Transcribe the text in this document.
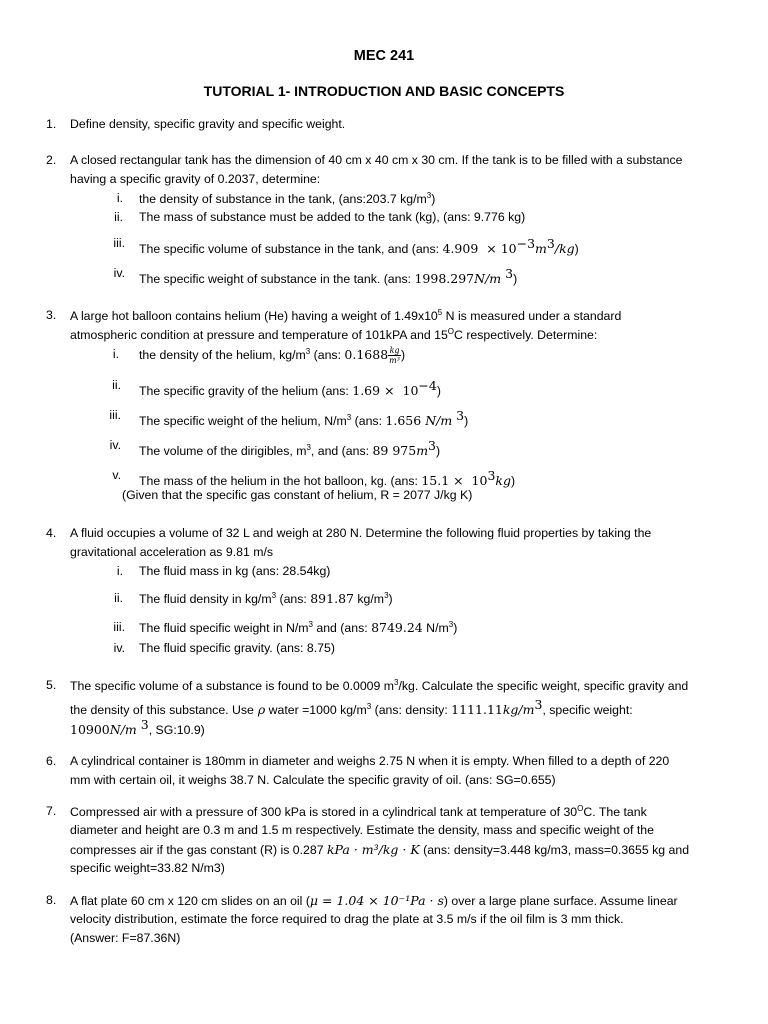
MEC 241
TUTORIAL 1- INTRODUCTION AND BASIC CONCEPTS
1. Define density, specific gravity and specific weight.
2. A closed rectangular tank has the dimension of 40 cm x 40 cm x 30 cm. If the tank is to be filled with a substance
having a specific gravity of 0.2037, determine:
i. the density of substance in the tank, (ans:203.7 $kg/m^3$)
ii. The mass of substance must be added to the tank (kg), (ans: 9.776 kg)
iii. The specific volume of substance in the tank, and (ans: $4.909 \times 10^{-3}m^3/kg$)
iv. The specific weight of substance in the tank. (ans: 1998.297N/m $^3$)
3. A large hot balloon contains helium (He) having a weight of $1.49x10^5$ N is measured under a standard
atmospheric condition at pressure and temperature of 101kPA and $15^OC$ respectively. Determine:
i. the density of the helium, $kg/m^3$ (ans: $0.1688 \frac{kg}{\text{m³}}$ )
ii. The specific gravity of the helium (ans: $1.69 \times 10^{-4}$)
iii. The specific weight of the helium, $N/m^3$ (ans: 1.656 N/m $^3$)
iv. The volume of the dirigibles, $m^3$, and (ans: 89 $975m^3$)
v. The mass of the helium in the hot balloon, kg. (ans: $15.1 \times 10^3kg$)
(Given that the specific gas constant of helium, R = 2077 J/kg K)
4. A fluid occupies a volume of 32 L and weigh at 280 N. Determine the following fluid properties by taking the
gravitational acceleration as 9.81 m/s
i. The fluid mass in kg (ans: 28.54kg)
ii. The fluid density in $kg/m^3$ (ans: 891.87 $kg/m^3$)
iii. The fluid specific weight in $N/m^3$ and (ans: 8749.24 $N/m^3$)
iv. The fluid specific gravity. (ans: 8.75)
5. The specific volume of a substance is found to be 0.0009 $m^3/kg$. Calculate the specific weight, specific gravity and
the density of this substance. Use ρ water =1000 $kg/m^3$ (ans: density: $1111.11kg/m^3$, specific weight:
10900N/m $^3$, SG:10.9)
6. A cylindrical container is 180mm in diameter and weighs 2.75 N when it is empty. When filled to a depth of 220
mm with certain oil, it weighs 38.7 N. Calculate the specific gravity of oil. (ans: SG=0.655)
7. Compressed air with a pressure of 300 kPa is stored in a cylindrical tank at temperature of $30^OC$. The tank
diameter and height are 0.3 m and 1.5 m respectively. Estimate the density, mass and specific weight of the
compresses air if the gas constant (R) is 0.287 kPa · m³/kg · K (ans: density=3.448 kg/m3, mass=0.3655 kg and
specific weight=33.82 N/m3)
8. A flat plate 60 cm x 120 cm slides on an oil (μ = 1.04 × 10⁻¹Pa · s) over a large plane surface. Assume linear
velocity distribution, estimate the force required to drag the plate at 3.5 m/s if the oil film is 3 mm thick.
(Answer: F=87.36N)
